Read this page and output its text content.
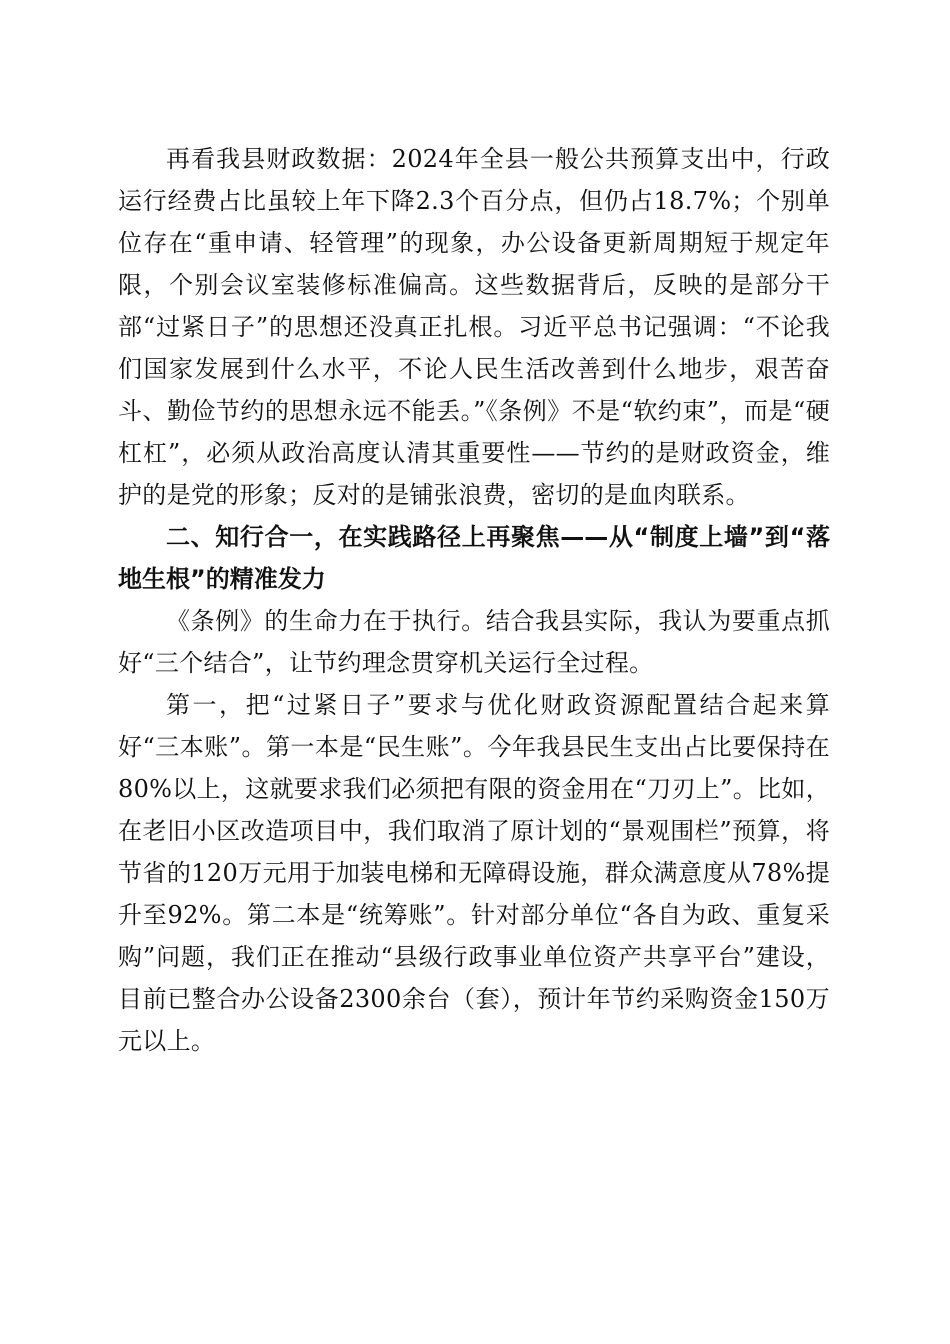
再看我县财政数据：2024年全县一般公共预算支出中，行政运行经费占比虽较上年下降2.3个百分点，但仍占18.7%；个别单位存在“重申请、轻管理”的现象，办公设备更新周期短于规定年限，个别会议室装修标准偏高。这些数据背后，反映的是部分干部“过紧日子”的思想还没真正扎根。习近平总书记强调：“不论我们国家发展到什么水平，不论人民生活改善到什么地步，艰苦奋斗、勤俭节约的思想永远不能丢。”《条例》不是“软约束”，而是“硬杠杠”，必须从政治高度认清其重要性——节约的是财政资金，维护的是党的形象；反对的是铺张浪费，密切的是血肉联系。

二、知行合一，在实践路径上再聚焦——从“制度上墙”到“落地生根”的精准发力

《条例》的生命力在于执行。结合我县实际，我认为要重点抓好“三个结合”，让节约理念贯穿机关运行全过程。

第一，把“过紧日子”要求与优化财政资源配置结合起来算好“三本账”。第一本是“民生账”。今年我县民生支出占比要保持在80%以上，这就要求我们必须把有限的资金用在“刀刃上”。比如，在老旧小区改造项目中，我们取消了原计划的“景观围栏”预算，将节省的120万元用于加装电梯和无障碍设施，群众满意度从78%提升至92%。第二本是“统筹账”。针对部分单位“各自为政、重复采购”问题，我们正在推动“县级行政事业单位资产共享平台”建设，目前已整合办公设备2300余台（套），预计年节约采购资金150万元以上。
